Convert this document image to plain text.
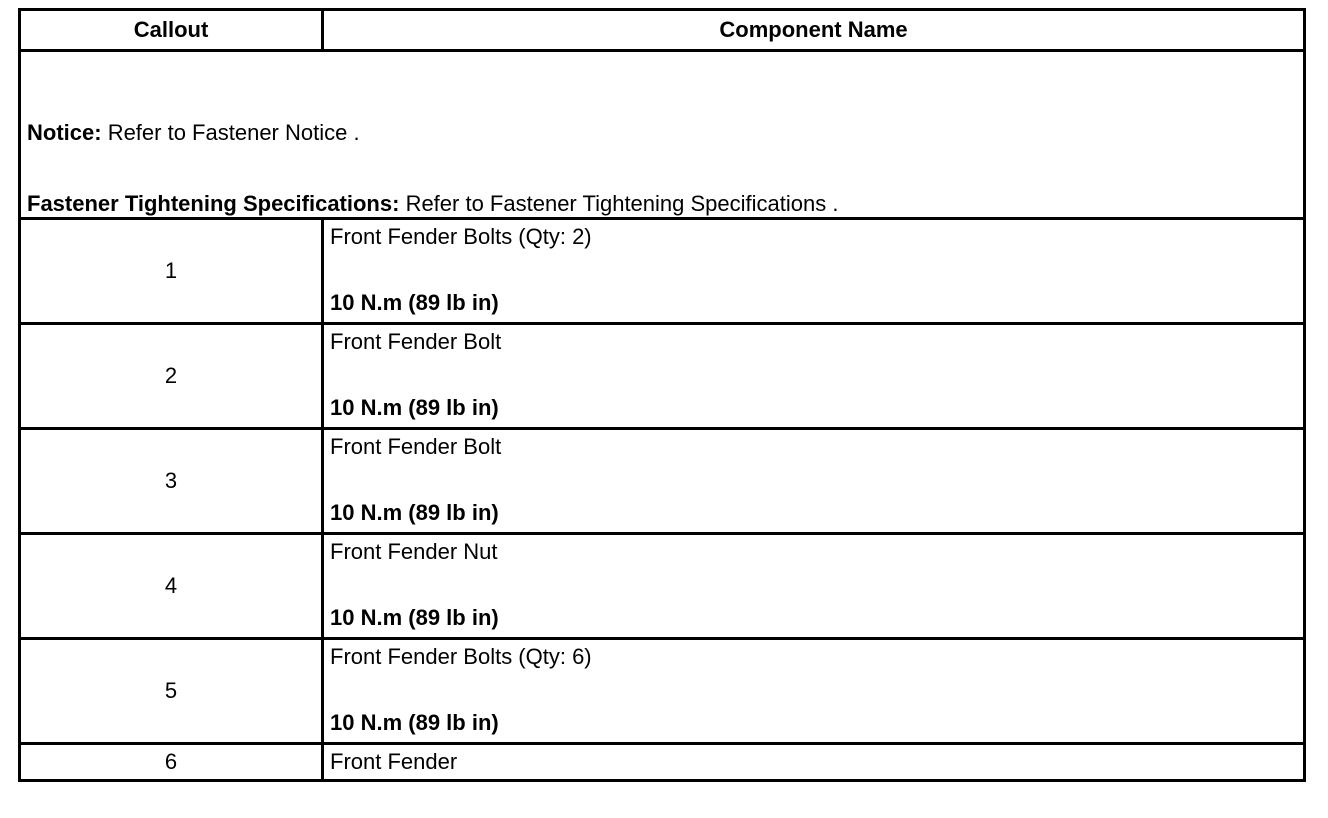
Callout	Component Name

Notice: Refer to Fastener Notice .
Fastener Tightening Specifications: Refer to Fastener Tightening Specifications .	

1	Front Fender Bolts (Qty: 2)
10 N.m (89 lb in)

2	Front Fender Bolt
10 N.m (89 lb in)

3	Front Fender Bolt
10 N.m (89 lb in)

4	Front Fender Nut
10 N.m (89 lb in)

5	Front Fender Bolts (Qty: 6)
10 N.m (89 lb in)

6	Front Fender
